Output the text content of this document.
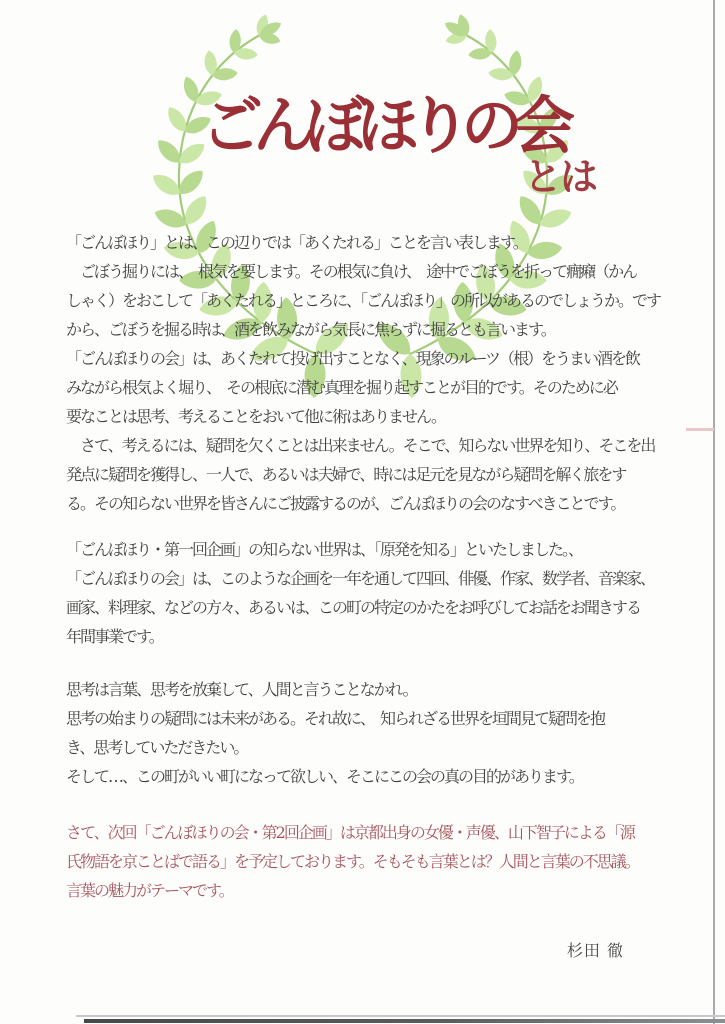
ごんぼほりの会
とは
「ごんぼほり」とは、この辺りでは「あくたれる」ことを言い表します。
　ごぼう掘りには、　根気を要します。その根気に負け、　途中でごぼうを折って癇癪（かん
しゃく）をおこして「あくたれる」ところに、「ごんぼほり」の所以があるのでしょうか。です
から、ごぼうを掘る時は、酒を飲みながら気長に焦らずに掘るとも言います。
「ごんぼほりの会」は、あくたれて投げ出すことなく、現象のルーツ（根）をうまい酒を飲
みながら根気よく堀り、　その根底に潜む真理を掘り起すことが目的です。そのために必
要なことは思考、考えることをおいて他に術はありません。
　さて、考えるには、疑問を欠くことは出来ません。そこで、知らない世界を知り、そこを出
発点に疑問を獲得し、一人で、あるいは夫婦で、時には足元を見ながら疑問を解く旅をす
る。その知らない世界を皆さんにご披露するのが、ごんぼほりの会のなすべきことです。
「ごんぼほり・第一回企画」の知らない世界は、「原発を知る」といたしました。、
「ごんぼほりの会」は、このような企画を一年を通して四回、俳優、作家、数学者、音楽家、
画家、料理家、などの方々、あるいは、この町の特定のかたをお呼びしてお話をお聞きする
年間事業です。
思考は言葉、思考を放棄して、人間と言うことなかれ。
思考の始まりの疑問には未来がある。それ故に、　知られざる世界を垣間見て疑問を抱
き、思考していただきたい。
そして…、この町がいい町になって欲しい、そこにこの会の真の目的があります。
さて、次回「ごんぼほりの会・第2回企画」は京都出身の女優・声優、山下智子による「源
氏物語を京ことばで語る」を予定しております。そもそも言葉とは？人間と言葉の不思議。
言葉の魅力がテーマです。
杉田 徹
